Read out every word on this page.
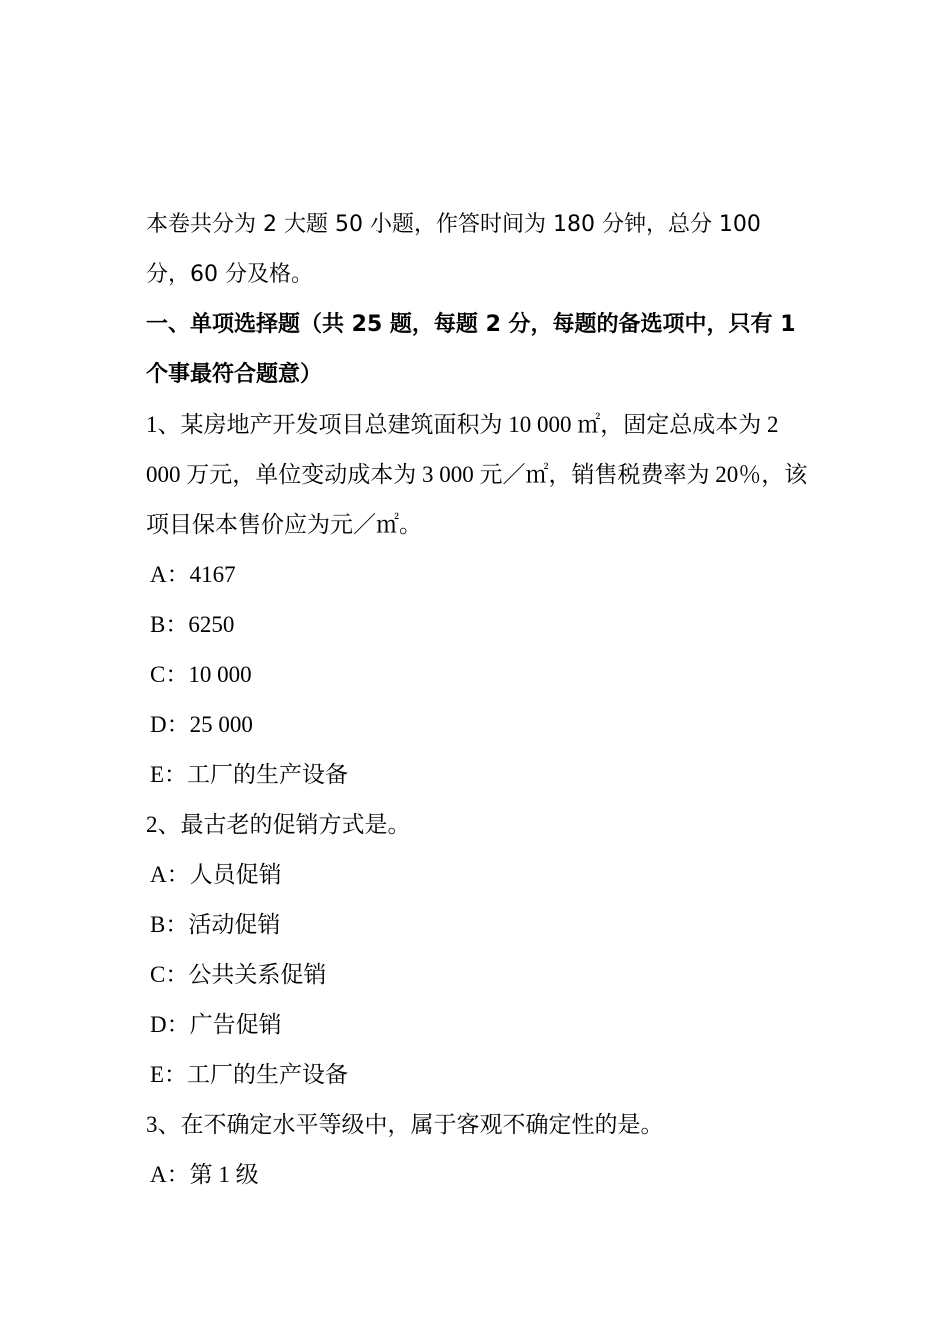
本卷共分为 2 大题 50 小题，作答时间为 180 分钟，总分 100 分，60 分及格。

一、单项选择题（共 25 题，每题 2 分，每题的备选项中，只有 1 个事最符合题意）

1、某房地产开发项目总建筑面积为 10 000 ㎡，固定总成本为 2 000 万元，单位变动成本为 3 000 元／㎡，销售税费率为 20％，该项目保本售价应为元／㎡。

A：4167

B：6250

C：10 000

D：25 000

E：工厂的生产设备

2、最古老的促销方式是。

A：人员促销

B：活动促销

C：公共关系促销

D：广告促销

E：工厂的生产设备

3、在不确定水平等级中，属于客观不确定性的是。

A：第 1 级
